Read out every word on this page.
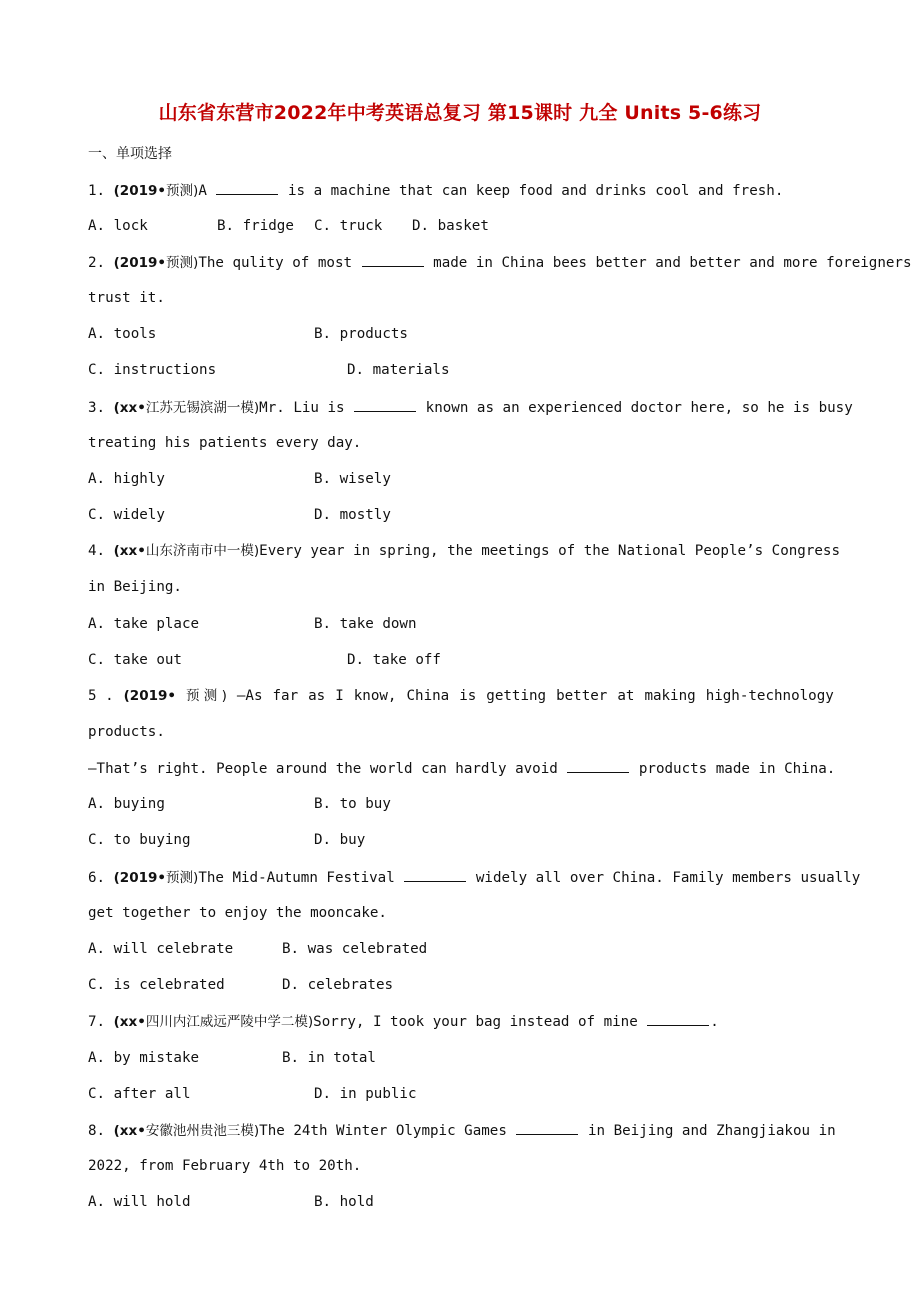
山东省东营市2022年中考英语总复习 第15课时 九全 Units 5-6练习
一、单项选择
1. (2019•预测)A	is a machine that can keep food and drinks cool and fresh.
A. lock	B. fridge C. truck D. basket
2. (2019•预测)The qulity of most	made in China bees better and better and more foreigners
trust it.
A. tools	B. products
C. instructions	D. materials
3. (xx•江苏无锡滨湖一模)Mr. Liu is	known as an experienced doctor here, so he is busy
treating his patients every day.
A. highly	B. wisely
C. widely	D. mostly
4. (xx•山东济南市中一模)Every year in spring, the meetings of the National People’s Congress
in Beijing.
A. take place	B. take down
C. take out	D. take off
5 . (2019• 预 测 ) —As far as I know, China is getting better at making high-technology
products.
—That’s right. People around the world can hardly avoid	products made in China.
A. buying	B. to buy
C. to buying	D. buy
6. (2019•预测)The Mid-Autumn Festival	widely all over China. Family members usually
get together to enjoy the mooncake.
A. will celebrate	B. was celebrated
C. is celebrated	D. celebrates
7. (xx•四川内江威远严陵中学二模)Sorry, I took your bag instead of mine	.
A. by mistake	B. in total
C. after all	D. in public
8. (xx•安徽池州贵池三模)The 24th Winter Olympic Games	in Beijing and Zhangjiakou in
2022, from February 4th to 20th.
A. will hold	B. hold
